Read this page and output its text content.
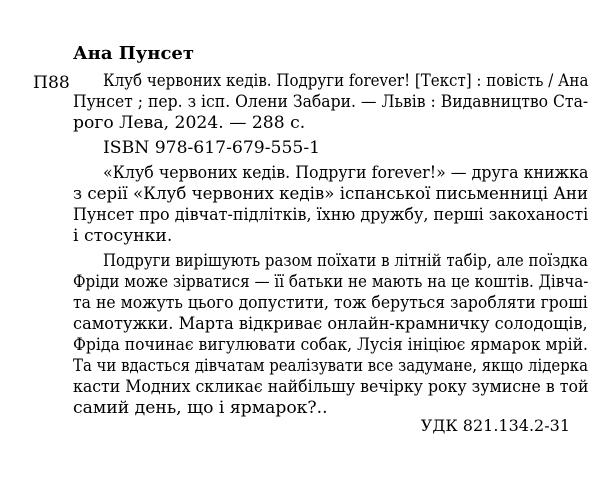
Ана Пунсет
П88 Клуб червоних кедів. Подруги forever! [Текст] : повість / Ана
Пунсет ; пер. з ісп. Олени Забари. — Львів : Видавництво Ста-
рого Лева, 2024. — 288 с.
ISBN 978-617-679-555-1
«Клуб червоних кедів. Подруги forever!» — друга книжка
з серії «Клуб червоних кедів» іспанської письменниці Ани
Пунсет про дівчат-підлітків, їхню дружбу, перші закоханості
і стосунки.
Подруги вирішують разом поїхати в літній табір, але поїздка
Фріди може зірватися — її батьки не мають на це коштів. Дівча-
та не можуть цього допустити, тож беруться заробляти гроші
самотужки. Марта відкриває онлайн-крамничку солодощів,
Фріда починає вигулювати собак, Лусія ініціює ярмарок мрій.
Та чи вдасться дівчатам реалізувати все задумане, якщо лідерка
касти Модних скликає найбільшу вечірку року зумисне в той
самий день, що і ярмарок?..
УДК 821.134.2-31
